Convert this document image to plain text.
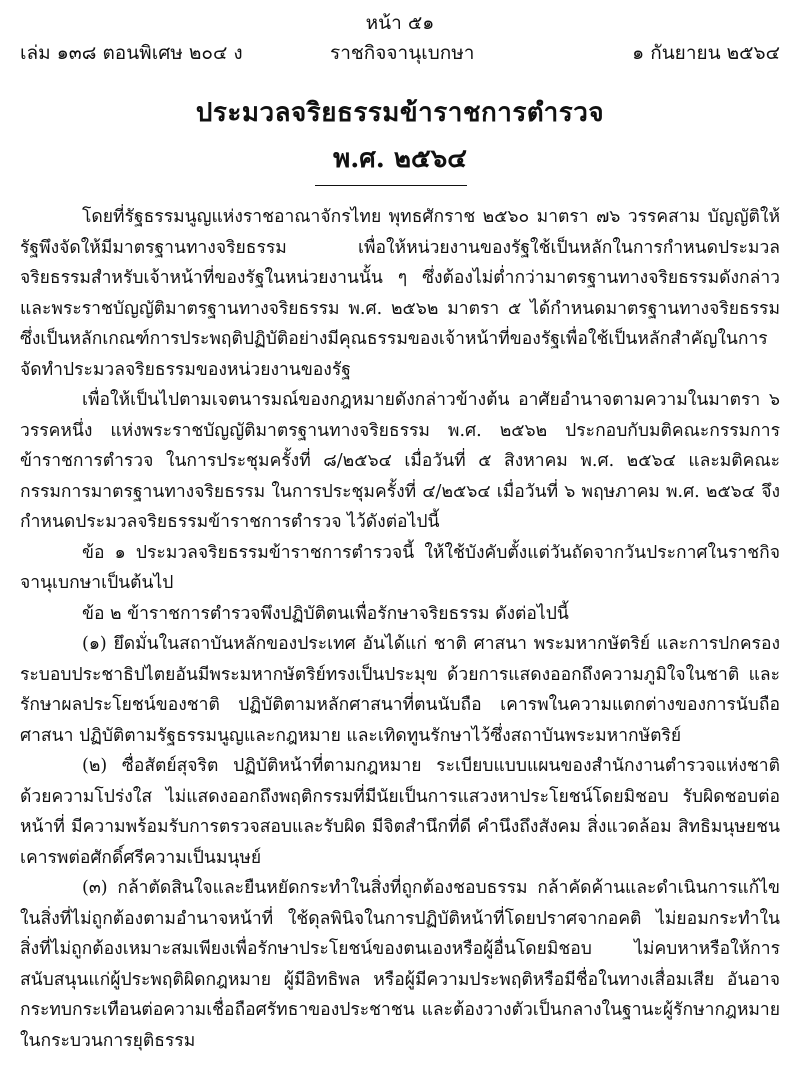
หน้า ๕๑
เล่ม ๑๓๘ ตอนพิเศษ ๒๐๔ ง	ราชกิจจานุเบกษา	๑ กันยายน ๒๕๖๔
ประมวลจริยธรรมข้าราชการตำรวจ
พ.ศ. ๒๕๖๔

โดยที่รัฐธรรมนูญแห่งราชอาณาจักรไทย พุทธศักราช ๒๕๖๐ มาตรา ๗๖ วรรคสาม บัญญัติให้รัฐพึงจัดให้มีมาตรฐานทางจริยธรรม เพื่อให้หน่วยงานของรัฐใช้เป็นหลักในการกำหนดประมวลจริยธรรมสำหรับเจ้าหน้าที่ของรัฐในหน่วยงานนั้น ๆ ซึ่งต้องไม่ต่ำกว่ามาตรฐานทางจริยธรรมดังกล่าว และพระราชบัญญัติมาตรฐานทางจริยธรรม พ.ศ. ๒๕๖๒ มาตรา ๕ ได้กำหนดมาตรฐานทางจริยธรรมซึ่งเป็นหลักเกณฑ์การประพฤติปฏิบัติอย่างมีคุณธรรมของเจ้าหน้าที่ของรัฐเพื่อใช้เป็นหลักสำคัญในการจัดทำประมวลจริยธรรมของหน่วยงานของรัฐ

เพื่อให้เป็นไปตามเจตนารมณ์ของกฎหมายดังกล่าวข้างต้น อาศัยอำนาจตามความในมาตรา ๖ วรรคหนึ่ง แห่งพระราชบัญญัติมาตรฐานทางจริยธรรม พ.ศ. ๒๕๖๒ ประกอบกับมติคณะกรรมการข้าราชการตำรวจ ในการประชุมครั้งที่ ๘/๒๕๖๔ เมื่อวันที่ ๕ สิงหาคม พ.ศ. ๒๕๖๔ และมติคณะกรรมการมาตรฐานทางจริยธรรม ในการประชุมครั้งที่ ๔/๒๕๖๔ เมื่อวันที่ ๖ พฤษภาคม พ.ศ. ๒๕๖๔ จึงกำหนดประมวลจริยธรรมข้าราชการตำรวจ ไว้ดังต่อไปนี้

ข้อ ๑ ประมวลจริยธรรมข้าราชการตำรวจนี้ ให้ใช้บังคับตั้งแต่วันถัดจากวันประกาศในราชกิจจานุเบกษาเป็นต้นไป

ข้อ ๒ ข้าราชการตำรวจพึงปฏิบัติตนเพื่อรักษาจริยธรรม ดังต่อไปนี้

(๑) ยึดมั่นในสถาบันหลักของประเทศ อันได้แก่ ชาติ ศาสนา พระมหากษัตริย์ และการปกครองระบอบประชาธิปไตยอันมีพระมหากษัตริย์ทรงเป็นประมุข ด้วยการแสดงออกถึงความภูมิใจในชาติ และรักษาผลประโยชน์ของชาติ ปฏิบัติตามหลักศาสนาที่ตนนับถือ เคารพในความแตกต่างของการนับถือศาสนา ปฏิบัติตามรัฐธรรมนูญและกฎหมาย และเทิดทูนรักษาไว้ซึ่งสถาบันพระมหากษัตริย์

(๒) ซื่อสัตย์สุจริต ปฏิบัติหน้าที่ตามกฎหมาย ระเบียบแบบแผนของสำนักงานตำรวจแห่งชาติด้วยความโปร่งใส ไม่แสดงออกถึงพฤติกรรมที่มีนัยเป็นการแสวงหาประโยชน์โดยมิชอบ รับผิดชอบต่อหน้าที่ มีความพร้อมรับการตรวจสอบและรับผิด มีจิตสำนึกที่ดี คำนึงถึงสังคม สิ่งแวดล้อม สิทธิมนุษยชน เคารพต่อศักดิ์ศรีความเป็นมนุษย์

(๓) กล้าตัดสินใจและยืนหยัดกระทำในสิ่งที่ถูกต้องชอบธรรม กล้าคัดค้านและดำเนินการแก้ไขในสิ่งที่ไม่ถูกต้องตามอำนาจหน้าที่ ใช้ดุลพินิจในการปฏิบัติหน้าที่โดยปราศจากอคติ ไม่ยอมกระทำในสิ่งที่ไม่ถูกต้องเหมาะสมเพียงเพื่อรักษาประโยชน์ของตนเองหรือผู้อื่นโดยมิชอบ ไม่คบหาหรือให้การสนับสนุนแก่ผู้ประพฤติผิดกฎหมาย ผู้มีอิทธิพล หรือผู้มีความประพฤติหรือมีชื่อในทางเสื่อมเสีย อันอาจกระทบกระเทือนต่อความเชื่อถือศรัทธาของประชาชน และต้องวางตัวเป็นกลางในฐานะผู้รักษากฎหมายในกระบวนการยุติธรรม
